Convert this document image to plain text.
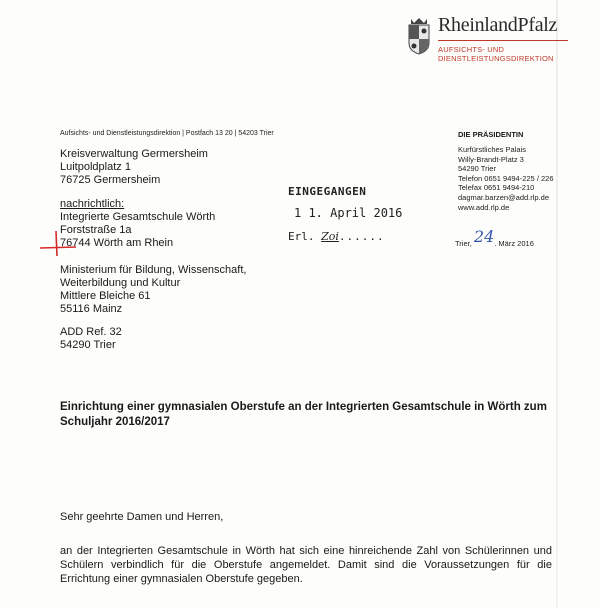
RheinlandPfalz
AUFSICHTS- UND
DIENSTLEISTUNGSDIREKTION
Aufsichts- und Dienstleistungsdirektion | Postfach 13 20 | 54203 Trier	DIE PRÄSIDENTIN
Kurfürstliches Palais
Willy-Brandt-Platz 3
54290 Trier
Telefon 0651 9494-225 / 226
Telefax 0651 9494-210
dagmar.barzen@add.rlp.de
www.add.rlp.de
Trier, 24. März 2016
Kreisverwaltung Germersheim
Luitpoldplatz 1
76725 Germersheim
nachrichtlich:
Integrierte Gesamtschule Wörth
Forststraße 1a
76744 Wörth am Rhein
Ministerium für Bildung, Wissenschaft,
Weiterbildung und Kultur
Mittlere Bleiche 61
55116 Mainz
ADD Ref. 32
54290 Trier
EINGEGANGEN
1 1. April 2016
Erl. Zoi......
Einrichtung einer gymnasialen Oberstufe an der Integrierten Gesamtschule in Wörth zum Schuljahr 2016/2017
Sehr geehrte Damen und Herren,
an der Integrierten Gesamtschule in Wörth hat sich eine hinreichende Zahl von Schülerinnen und Schülern verbindlich für die Oberstufe angemeldet. Damit sind die Voraussetzungen für die Errichtung einer gymnasialen Oberstufe gegeben.
